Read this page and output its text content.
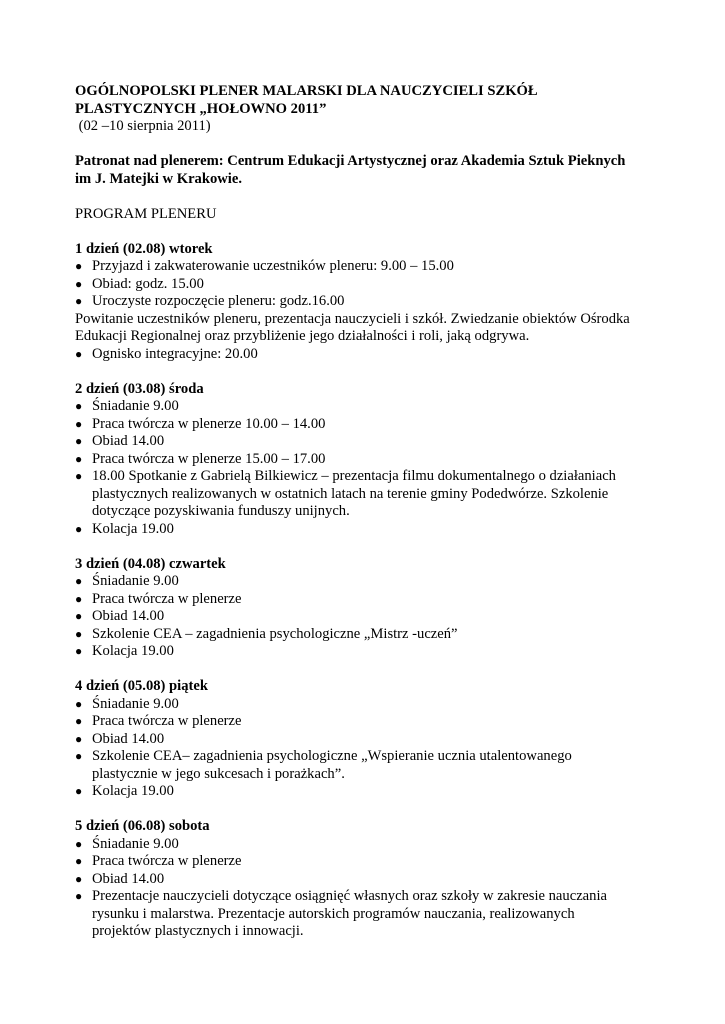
OGÓLNOPOLSKI PLENER MALARSKI DLA NAUCZYCIELI SZKÓŁ
PLASTYCZNYCH „HOŁOWNO 2011”
(02 –10 sierpnia 2011)
Patronat nad plenerem: Centrum Edukacji Artystycznej oraz Akademia Sztuk Pieknych
im J. Matejki w Krakowie.
PROGRAM PLENERU
1 dzień (02.08) wtorek
● Przyjazd i zakwaterowanie uczestników pleneru: 9.00 – 15.00
● Obiad: godz. 15.00
● Uroczyste rozpoczęcie pleneru: godz.16.00
Powitanie uczestników pleneru, prezentacja nauczycieli i szkół. Zwiedzanie obiektów Ośrodka
Edukacji Regionalnej oraz przybliżenie jego działalności i roli, jaką odgrywa.
● Ognisko integracyjne: 20.00
2 dzień (03.08) środa
● Śniadanie 9.00
● Praca twórcza w plenerze 10.00 – 14.00
● Obiad 14.00
● Praca twórcza w plenerze 15.00 – 17.00
● 18.00 Spotkanie z Gabrielą Bilkiewicz – prezentacja filmu dokumentalnego o działaniach
plastycznych realizowanych w ostatnich latach na terenie gminy Podedwórze. Szkolenie
dotyczące pozyskiwania funduszy unijnych.
● Kolacja 19.00
3 dzień (04.08) czwartek
● Śniadanie 9.00
● Praca twórcza w plenerze
● Obiad 14.00
● Szkolenie CEA – zagadnienia psychologiczne „Mistrz -uczeń”
● Kolacja 19.00
4 dzień (05.08) piątek
● Śniadanie 9.00
● Praca twórcza w plenerze
● Obiad 14.00
● Szkolenie CEA– zagadnienia psychologiczne „Wspieranie ucznia utalentowanego
plastycznie w jego sukcesach i porażkach”.
● Kolacja 19.00
5 dzień (06.08) sobota
● Śniadanie 9.00
● Praca twórcza w plenerze
● Obiad 14.00
● Prezentacje nauczycieli dotyczące osiągnięć własnych oraz szkoły w zakresie nauczania
rysunku i malarstwa. Prezentacje autorskich programów nauczania, realizowanych
projektów plastycznych i innowacji.
